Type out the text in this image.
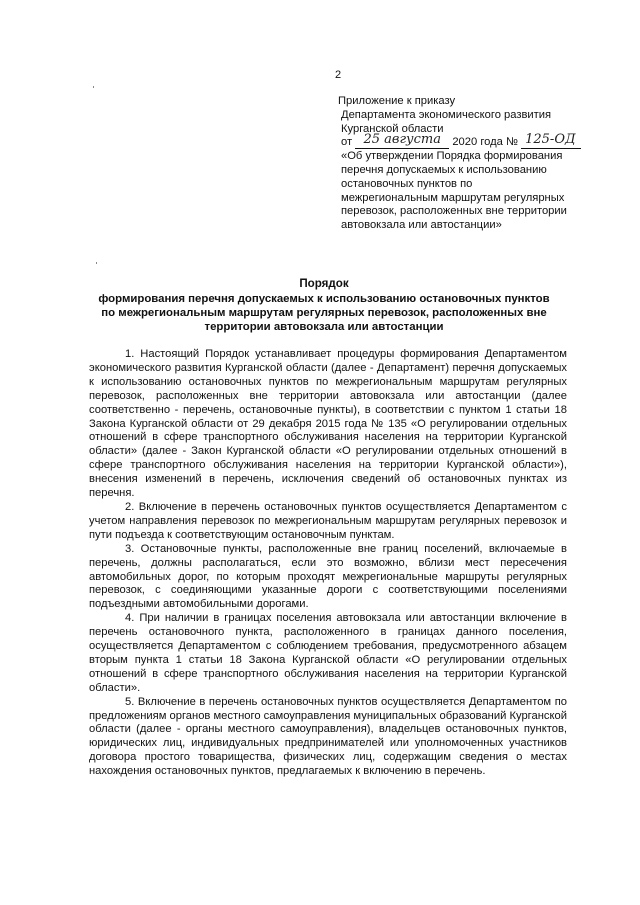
2
Приложение к приказу
Департамента экономического развития
Курганской области
от 25 августа 2020 года № 125-ОД
«Об утверждении Порядка формирования
перечня допускаемых к использованию
остановочных пунктов по
межрегиональным маршрутам регулярных
перевозок, расположенных вне территории
автовокзала или автостанции»
Порядок
формирования перечня допускаемых к использованию остановочных пунктов
по межрегиональным маршрутам регулярных перевозок, расположенных вне
территории автовокзала или автостанции

1. Настоящий Порядок устанавливает процедуры формирования Департаментом экономического развития Курганской области (далее - Департамент) перечня допускаемых к использованию остановочных пунктов по межрегиональным маршрутам регулярных перевозок, расположенных вне территории автовокзала или автостанции (далее соответственно - перечень, остановочные пункты), в соответствии с пунктом 1 статьи 18 Закона Курганской области от 29 декабря 2015 года № 135 «О регулировании отдельных отношений в сфере транспортного обслуживания населения на территории Курганской области» (далее - Закон Курганской области «О регулировании отдельных отношений в сфере транспортного обслуживания населения на территории Курганской области»), внесения изменений в перечень, исключения сведений об остановочных пунктах из перечня.

2. Включение в перечень остановочных пунктов осуществляется Департаментом с учетом направления перевозок по межрегиональным маршрутам регулярных перевозок и пути подъезда к соответствующим остановочным пунктам.

3. Остановочные пункты, расположенные вне границ поселений, включаемые в перечень, должны располагаться, если это возможно, вблизи мест пересечения автомобильных дорог, по которым проходят межрегиональные маршруты регулярных перевозок, с соединяющими указанные дороги с соответствующими поселениями подъездными автомобильными дорогами.

4. При наличии в границах поселения автовокзала или автостанции включение в перечень остановочного пункта, расположенного в границах данного поселения, осуществляется Департаментом с соблюдением требования, предусмотренного абзацем вторым пункта 1 статьи 18 Закона Курганской области «О регулировании отдельных отношений в сфере транспортного обслуживания населения на территории Курганской области».

5. Включение в перечень остановочных пунктов осуществляется Департаментом по предложениям органов местного самоуправления муниципальных образований Курганской области (далее - органы местного самоуправления), владельцев остановочных пунктов, юридических лиц, индивидуальных предпринимателей или уполномоченных участников договора простого товарищества, физических лиц, содержащим сведения о местах нахождения остановочных пунктов, предлагаемых к включению в перечень.
